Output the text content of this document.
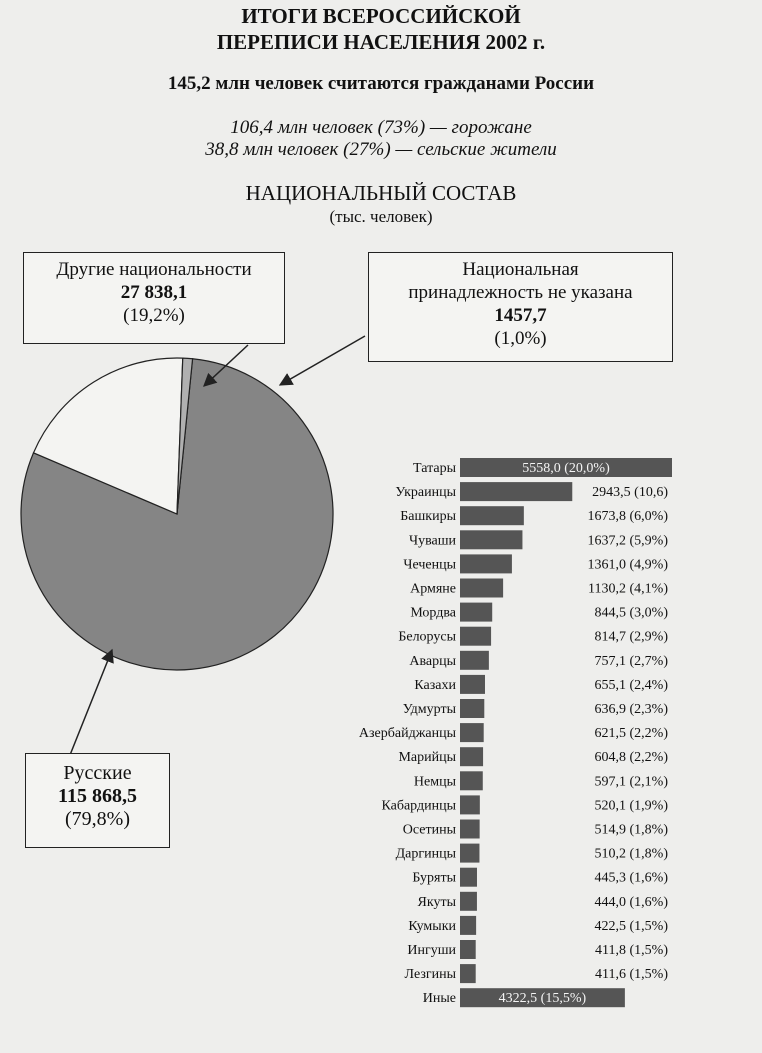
ИТОГИ ВСЕРОССИЙСКОЙ
ПЕРЕПИСИ НАСЕЛЕНИЯ 2002 г.
145,2 млн человек считаются гражданами России
106,4 млн человек (73%) — горожане
38,8 млн человек (27%) — сельские жители
НАЦИОНАЛЬНЫЙ СОСТАВ
(тыс. человек)
Татары	5558,0 (20,0%)
Украинцы	2943,5 (10,6)
Башкиры	1673,8 (6,0%)
Чуваши	1637,2 (5,9%)
Чеченцы	1361,0 (4,9%)
Армяне	1130,2 (4,1%)
Мордва	844,5 (3,0%)
Белорусы	814,7 (2,9%)
Аварцы	757,1 (2,7%)
Казахи	655,1 (2,4%)
Удмурты	636,9 (2,3%)
Азербайджанцы	621,5 (2,2%)
Марийцы	604,8 (2,2%)
Немцы	597,1 (2,1%)
Кабардинцы	520,1 (1,9%)
Осетины	514,9 (1,8%)
Даргинцы	510,2 (1,8%)
Буряты	445,3 (1,6%)
Якуты	444,0 (1,6%)
Кумыки	422,5 (1,5%)
Ингуши	411,8 (1,5%)
Лезгины	411,6 (1,5%)
Иные	4322,5 (15,5%)
Другие национальности
27 838,1
(19,2%)
Национальная
принадлежность не указана
1457,7
(1,0%)
Русские
115 868,5
(79,8%)
